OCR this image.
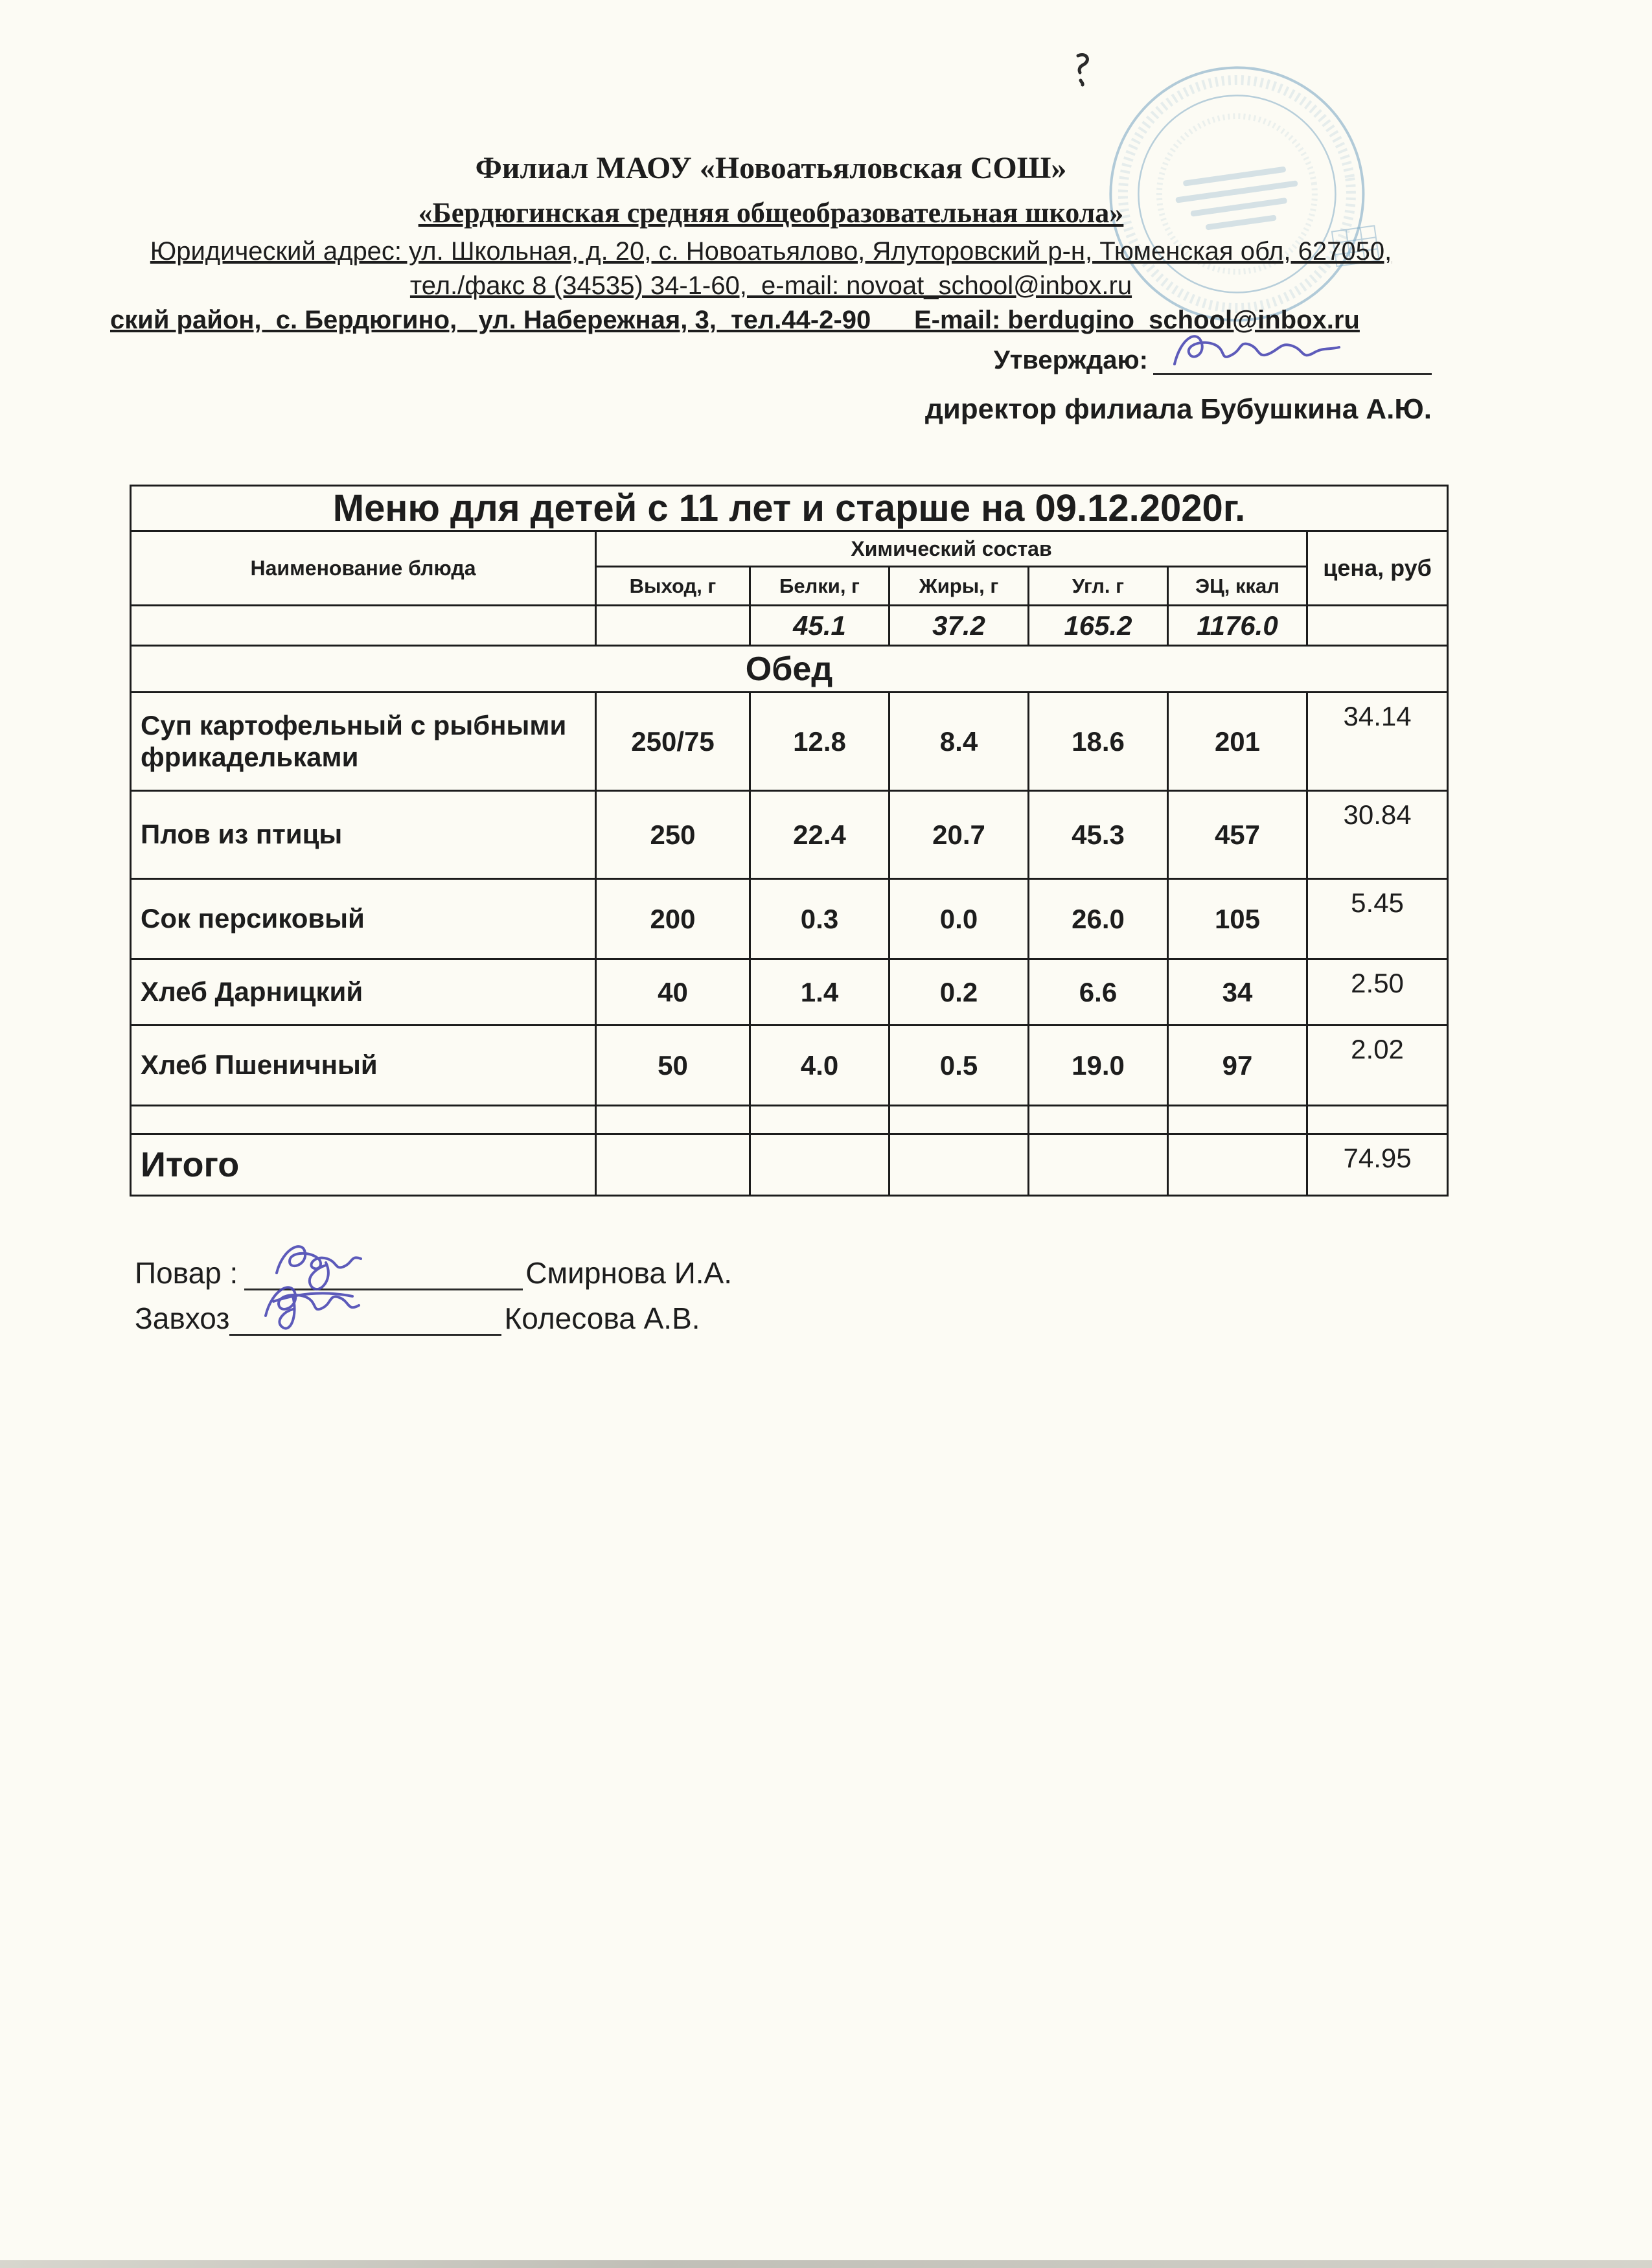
Филиал МАОУ «Новоатьяловская СОШ»
«Бердюгинская средняя общеобразовательная школа»
Юридический адрес: ул. Школьная, д. 20, с. Новоатьялово, Ялуторовский р-н, Тюменская обл, 627050,
тел./факс 8 (34535) 34-1-60,  e-mail: novoat_school@inbox.ru
ский район,  с. Бердюгино,   ул. Набережная, 3,  тел.44-2-90      E-mail: berdugino_school@inbox.ru
Утверждаю:
директор филиала Бубушкина А.Ю.
Меню для детей с 11 лет и старше на 09.12.2020г.						
Наименование блюда	Химический состав					цена, руб
	Выход, г	Белки, г	Жиры, г	Угл. г	ЭЦ, ккал	
		45.1	37.2	165.2	1176.0	
Обед						
Суп картофельный с рыбными фрикадельками	250/75	12.8	8.4	18.6	201	34.14
Плов из птицы	250	22.4	20.7	45.3	457	30.84
Сок персиковый	200	0.3	0.0	26.0	105	5.45
Хлеб Дарницкий	40	1.4	0.2	6.6	34	2.50
Хлеб Пшеничный	50	4.0	0.5	19.0	97	2.02

Итого						74.95
Повар :	Смирнова И.А.
Завхоз	Колесова А.В.
